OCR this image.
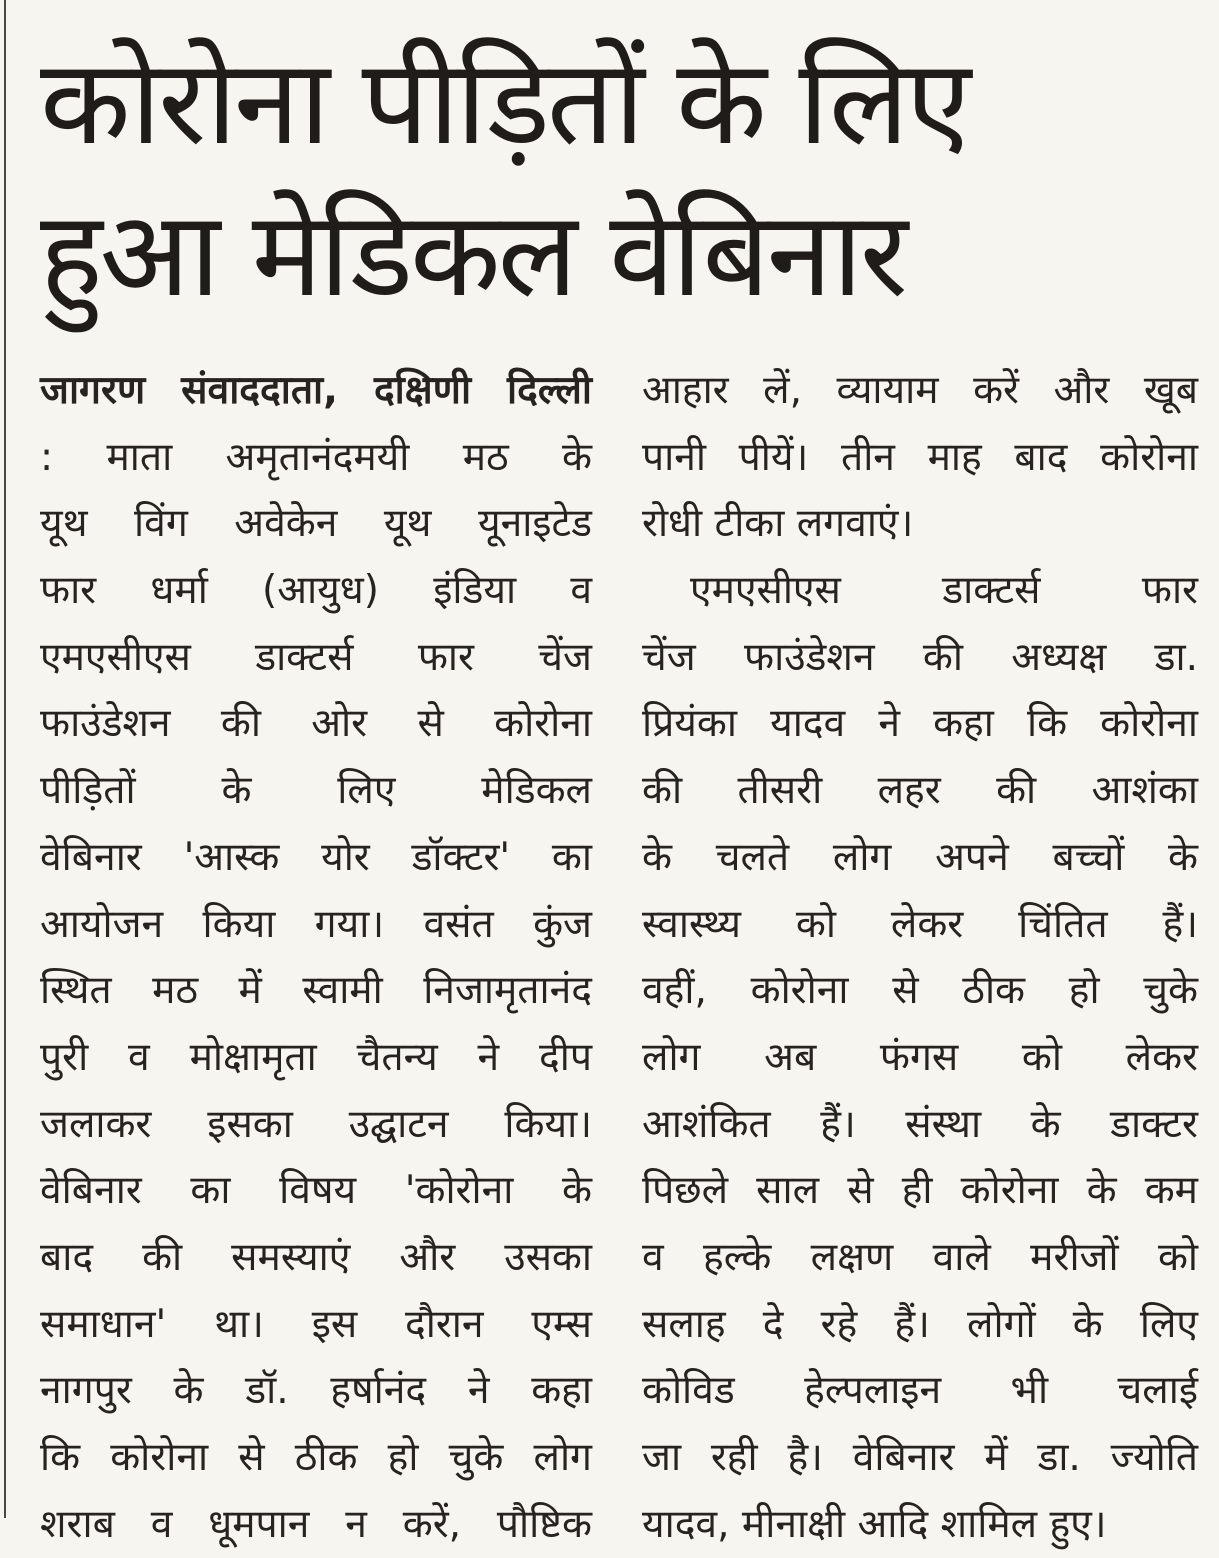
कोरोना पीड़ितों के लिए
हुआ मेडिकल वेबिनार
जागरण संवाददाता, दक्षिणी दिल्ली
: माता अमृतानंदमयी मठ के
यूथ विंग अवेकेन यूथ यूनाइटेड
फार धर्मा (आयुध) इंडिया व
एमएसीएस डाक्टर्स फार चेंज
फाउंडेशन की ओर से कोरोना
पीड़ितों के लिए मेडिकल
वेबिनार 'आस्क योर डॉक्टर' का
आयोजन किया गया। वसंत कुंज
स्थित मठ में स्वामी निजामृतानंद
पुरी व मोक्षामृता चैतन्य ने दीप
जलाकर इसका उद्घाटन किया।
वेबिनार का विषय 'कोरोना के
बाद की समस्याएं और उसका
समाधान' था। इस दौरान एम्स
नागपुर के डॉ. हर्षानंद ने कहा
कि कोरोना से ठीक हो चुके लोग
शराब व धूमपान न करें, पौष्टिक
आहार लें, व्यायाम करें और खूब
पानी पीयें। तीन माह बाद कोरोना
रोधी टीका लगवाएं।
एमएसीएस डाक्टर्स फार
चेंज फाउंडेशन की अध्यक्ष डा.
प्रियंका यादव ने कहा कि कोरोना
की तीसरी लहर की आशंका
के चलते लोग अपने बच्चों के
स्वास्थ्य को लेकर चिंतित हैं।
वहीं, कोरोना से ठीक हो चुके
लोग अब फंगस को लेकर
आशंकित हैं। संस्था के डाक्टर
पिछले साल से ही कोरोना के कम
व हल्के लक्षण वाले मरीजों को
सलाह दे रहे हैं। लोगों के लिए
कोविड हेल्पलाइन भी चलाई
जा रही है। वेबिनार में डा. ज्योति
यादव, मीनाक्षी आदि शामिल हुए।
